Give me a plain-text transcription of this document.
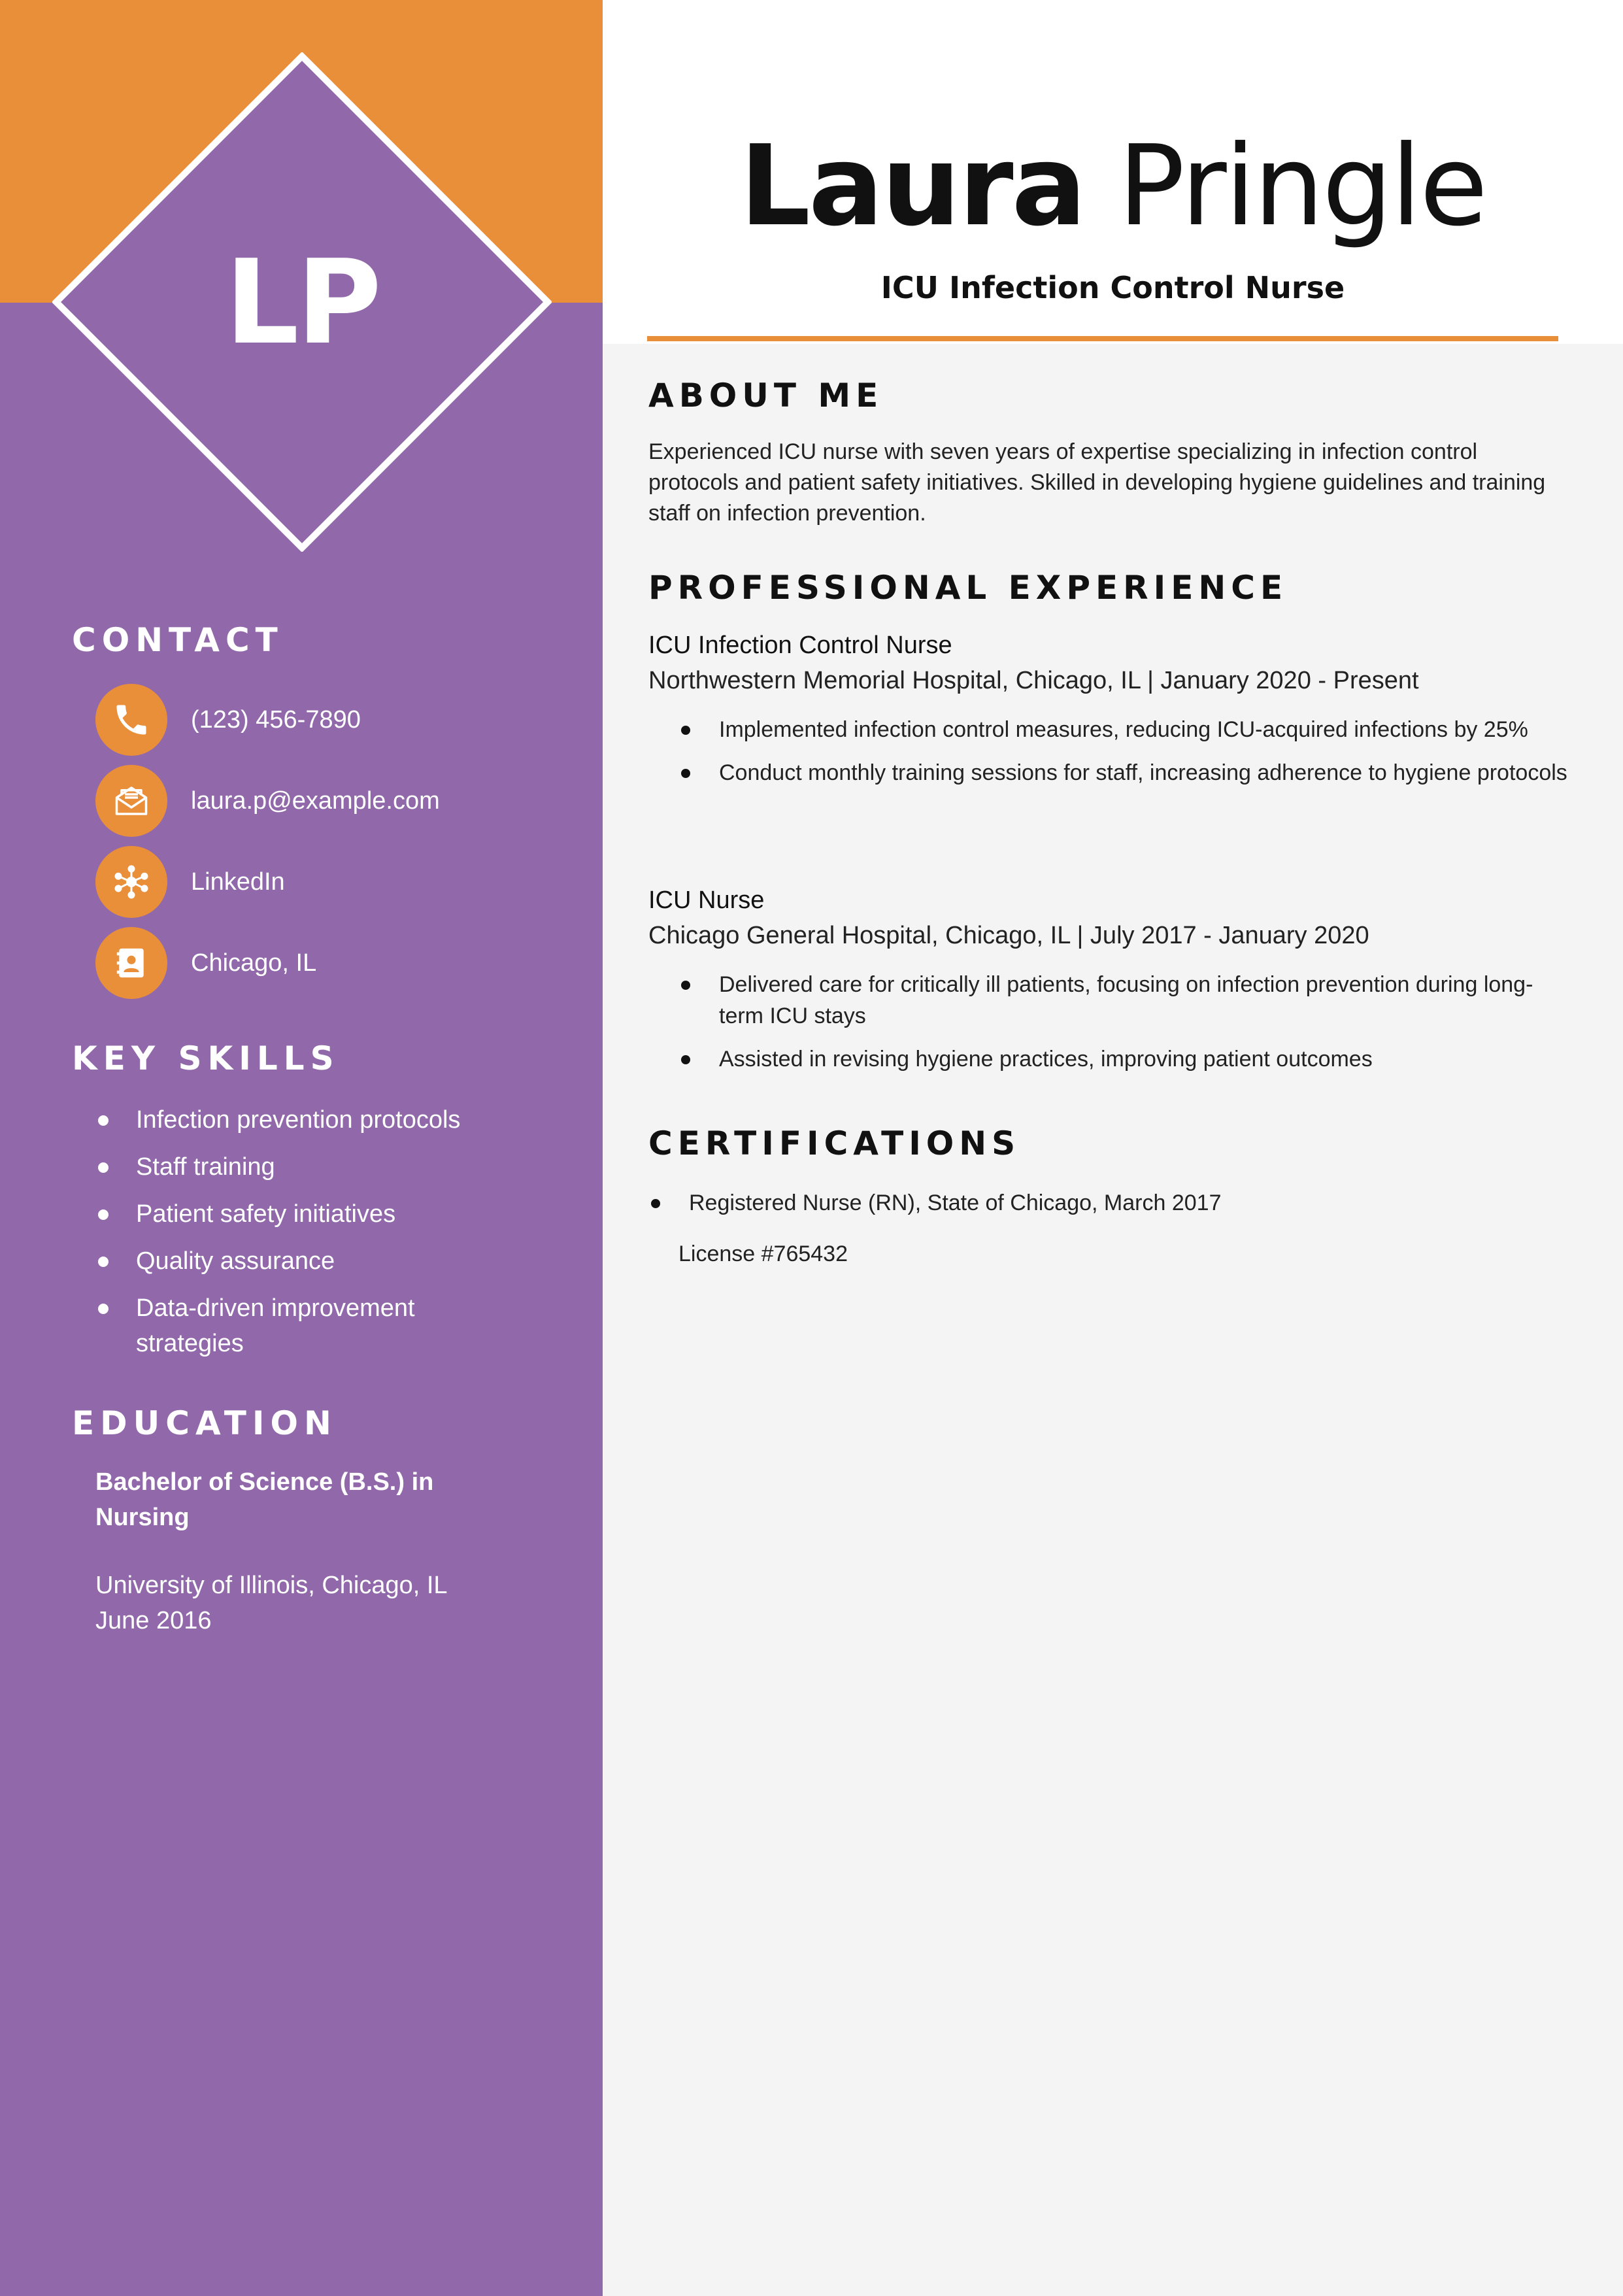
LP
CONTACT
(123) 456-7890
laura.p@example.com
LinkedIn
Chicago, IL
KEY SKILLS
Infection prevention protocols
Staff training
Patient safety initiatives
Quality assurance
Data-driven improvement strategies
EDUCATION
Bachelor of Science (B.S.) in Nursing
University of Illinois, Chicago, IL
June 2016
Laura Pringle
ICU Infection Control Nurse
ABOUT ME
Experienced ICU nurse with seven years of expertise specializing in infection control protocols and patient safety initiatives. Skilled in developing hygiene guidelines and training staff on infection prevention.
PROFESSIONAL EXPERIENCE
ICU Infection Control Nurse
Northwestern Memorial Hospital, Chicago, IL | January 2020 - Present
Implemented infection control measures, reducing ICU-acquired infections by 25%
Conduct monthly training sessions for staff, increasing adherence to hygiene protocols
ICU Nurse
Chicago General Hospital, Chicago, IL | July 2017 - January 2020
Delivered care for critically ill patients, focusing on infection prevention during long-term ICU stays
Assisted in revising hygiene practices, improving patient outcomes
CERTIFICATIONS
Registered Nurse (RN), State of Chicago, March 2017
License #765432
